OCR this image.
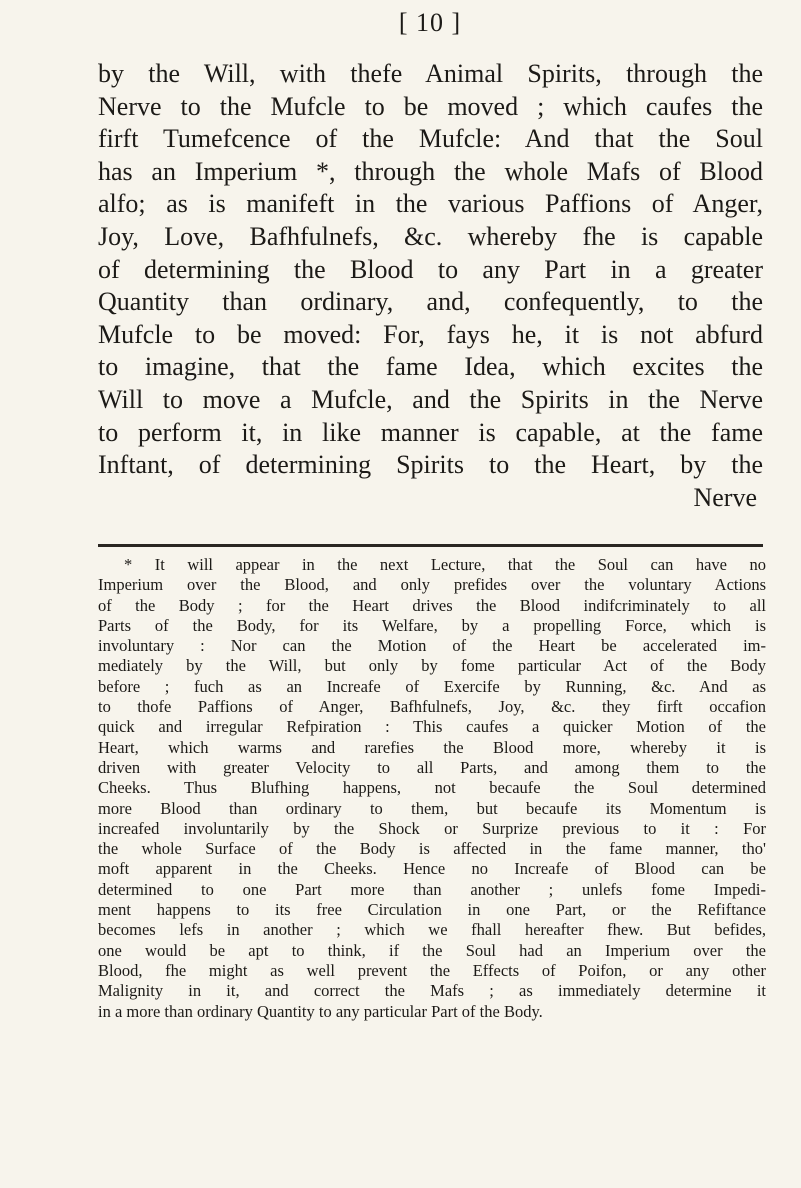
[ 10 ]
by the Will, with thefe Animal Spirits, through the
Nerve to the Mufcle to be moved ; which caufes the
firft Tumefcence of the Mufcle: And that the Soul
has an Imperium *, through the whole Mafs of Blood
alfo; as is manifeft in the various Paffions of Anger,
Joy, Love, Bafhfulnefs, &c. whereby fhe is capable
of determining the Blood to any Part in a greater
Quantity than ordinary, and, confequently, to the
Mufcle to be moved: For, fays he, it is not abfurd
to imagine, that the fame Idea, which excites the
Will to move a Mufcle, and the Spirits in the Nerve
to perform it, in like manner is capable, at the fame
Inftant, of determining Spirits to the Heart, by the
Nerve
* It will appear in the next Lecture, that the Soul can have no
Imperium over the Blood, and only prefides over the voluntary Actions
of the Body ; for the Heart drives the Blood indifcriminately to all
Parts of the Body, for its Welfare, by a propelling Force, which is
involuntary : Nor can the Motion of the Heart be accelerated im-
mediately by the Will, but only by fome particular Act of the Body
before ; fuch as an Increafe of Exercife by Running, &c. And as
to thofe Paffions of Anger, Bafhfulnefs, Joy, &c. they firft occafion
quick and irregular Refpiration : This caufes a quicker Motion of the
Heart, which warms and rarefies the Blood more, whereby it is
driven with greater Velocity to all Parts, and among them to the
Cheeks. Thus Blufhing happens, not becaufe the Soul determined
more Blood than ordinary to them, but becaufe its Momentum is
increafed involuntarily by the Shock or Surprize previous to it : For
the whole Surface of the Body is affected in the fame manner, tho'
moft apparent in the Cheeks. Hence no Increafe of Blood can be
determined to one Part more than another ; unlefs fome Impedi-
ment happens to its free Circulation in one Part, or the Refiftance
becomes lefs in another ; which we fhall hereafter fhew. But befides,
one would be apt to think, if the Soul had an Imperium over the
Blood, fhe might as well prevent the Effects of Poifon, or any other
Malignity in it, and correct the Mafs ; as immediately determine it
in a more than ordinary Quantity to any particular Part of the Body.
